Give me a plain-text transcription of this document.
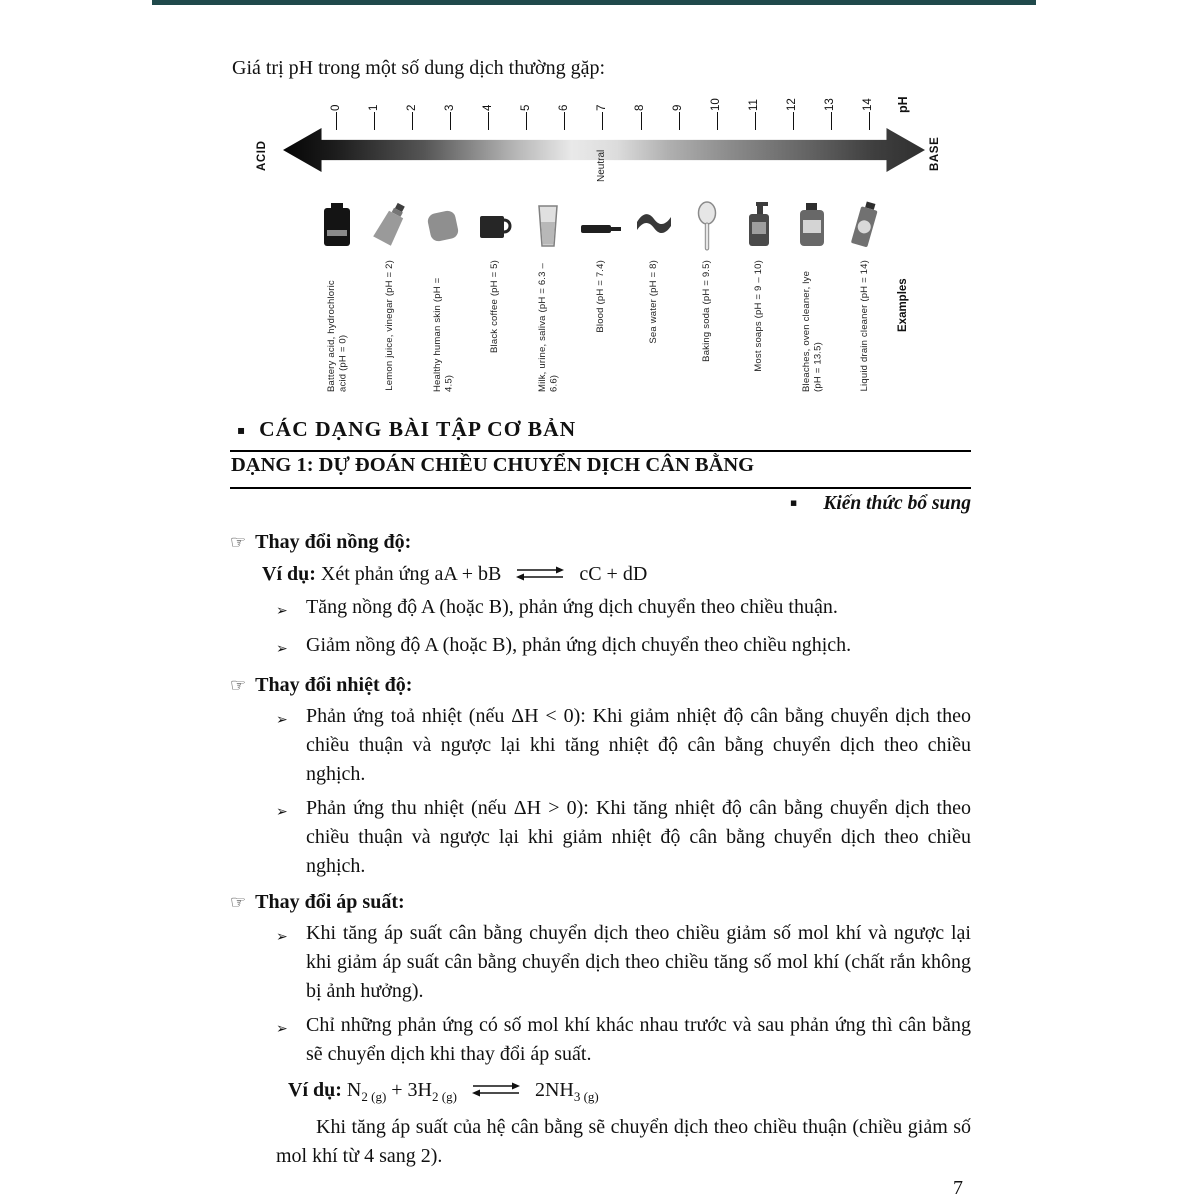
Giá trị pH trong một số dung dịch thường gặp:

0 1 2 3 4 5 6 7 8 9 10 11 12 13 14 pH
ACID	BASE
Neutral
Examples
Battery acid, hydrochloric acid (pH = 0)	Lemon juice, vinegar (pH = 2)	Healthy human skin (pH = 4.5)
Black coffee (pH = 5)	Milk, urine, saliva (pH = 6.3 – 6.6)
Blood (pH = 7.4)	Sea water (pH = 8)	Baking soda (pH = 9.5)	Most soaps (pH = 9 – 10)	Bleaches, oven cleaner, lye (pH = 13.5)	Liquid drain cleaner (pH = 14)
▪ CÁC DẠNG BÀI TẬP CƠ BẢN
DẠNG 1: DỰ ĐOÁN CHIỀU CHUYỂN DỊCH CÂN BẰNG
▪ Kiến thức bổ sung
☞ Thay đổi nồng độ:
Ví dụ: Xét phản ứng aA + bB ⇌ cC + dD
➢ Tăng nồng độ A (hoặc B), phản ứng dịch chuyển theo chiều thuận.
➢ Giảm nồng độ A (hoặc B), phản ứng dịch chuyển theo chiều nghịch.
☞ Thay đổi nhiệt độ:
➢ Phản ứng toả nhiệt (nếu ΔH < 0): Khi giảm nhiệt độ cân bằng chuyển dịch theo chiều thuận và ngược lại khi tăng nhiệt độ cân bằng chuyển dịch theo chiều nghịch.
➢ Phản ứng thu nhiệt (nếu ΔH > 0): Khi tăng nhiệt độ cân bằng chuyển dịch theo chiều thuận và ngược lại khi giảm nhiệt độ cân bằng chuyển dịch theo chiều nghịch.
☞ Thay đổi áp suất:
➢ Khi tăng áp suất cân bằng chuyển dịch theo chiều giảm số mol khí và ngược lại khi giảm áp suất cân bằng chuyển dịch theo chiều tăng số mol khí (chất rắn không bị ảnh hưởng).
➢ Chỉ những phản ứng có số mol khí khác nhau trước và sau phản ứng thì cân bằng sẽ chuyển dịch khi thay đổi áp suất.
Ví dụ: $N_{2 (g)} + 3H_{2 (g)}$ ⇌ $2NH_{3 (g)}$
Khi tăng áp suất của hệ cân bằng sẽ chuyển dịch theo chiều thuận (chiều giảm số mol khí từ 4 sang 2).
7
